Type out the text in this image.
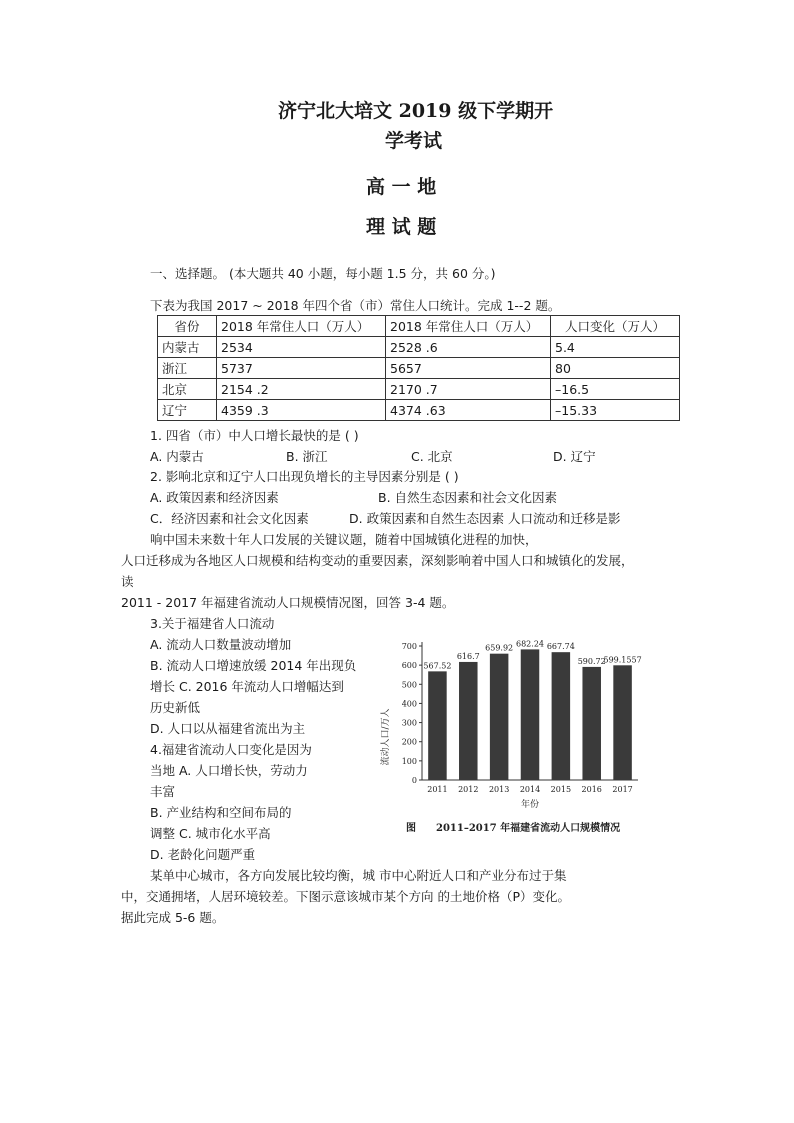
济宁北大培文 2019 级下学期开
学考试
高 一 地
理 试 题
一、选择题。 (本大题共 40 小题，每小题 1.5 分，共 60 分。)
下表为我国 2017 ~ 2018 年四个省（市）常住人口统计。完成 1--2 题。
省份	2018 年常住人口（万人）	2018 年常住人口（万人）	人口变化（万人）
内蒙古	2534	2528 .6	5.4
浙江	5737	5657	80
北京	2154 .2	2170 .7	–16.5
辽宁	4359 .3	4374 .63	–15.33
1. 四省（市）中人口增长最快的是 ( )
A. 内蒙古	B. 浙江	C. 北京	D. 辽宁
2. 影响北京和辽宁人口出现负增长的主导因素分别是 ( )
A. 政策因素和经济因素	B. 自然生态因素和社会文化因素
C．经济因素和社会文化因素	D. 政策因素和自然生态因素 人口流动和迁移是影
响中国未来数十年人口发展的关键议题，随着中国城镇化进程的加快，
人口迁移成为各地区人口规模和结构变动的重要因素，深刻影响着中国人口和城镇化的发展，
读
2011 - 2017 年福建省流动人口规模情况图，回答 3-4 题。
3.关于福建省人口流动
A. 流动人口数量波动增加
B. 流动人口增速放缓 2014 年出现负
增长 C. 2016 年流动人口增幅达到
历史新低
D. 人口以从福建省流出为主
4.福建省流动人口变化是因为
当地 A. 人口增长快，劳动力
丰富
B. 产业结构和空间布局的
调整 C. 城市化水平高
D. 老龄化问题严重
某单中心城市，各方向发展比较均衡，城 市中心附近人口和产业分布过于集
中，交通拥堵，人居环境较差。下图示意该城市某个方向 的土地价格（P）变化。
据此完成 5-6 题。
流动人口/万人
年份
0
100
200
300
400
500
600
700
567.52
2011
616.7
2012
659.92
2013
682.24
2014
667.74
2015
590.72
2016
599.1557
2017
图 2011–2017 年福建省流动人口规模情况
